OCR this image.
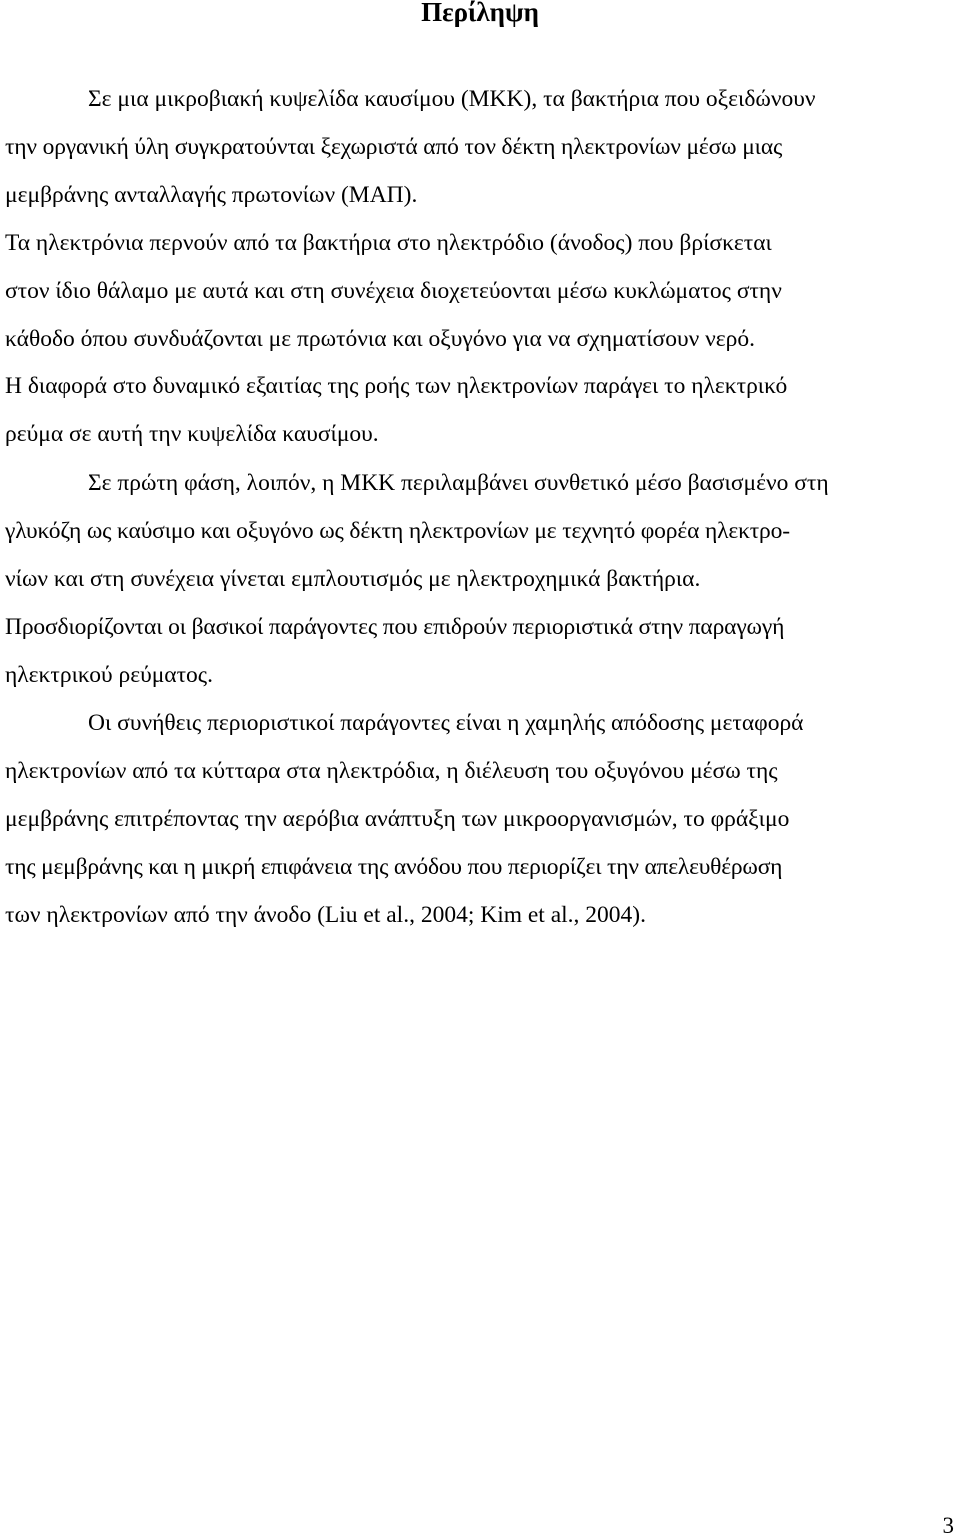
Περίληψη

Σε μια μικροβιακή κυψελίδα καυσίμου (ΜΚΚ), τα βακτήρια που οξειδώνουν
την οργανική ύλη συγκρατούνται ξεχωριστά από τον δέκτη ηλεκτρονίων μέσω μιας
μεμβράνης ανταλλαγής πρωτονίων (ΜΑΠ).
Τα ηλεκτρόνια περνούν από τα βακτήρια στο ηλεκτρόδιο (άνοδος) που βρίσκεται
στον ίδιο θάλαμο με αυτά και στη συνέχεια διοχετεύονται μέσω κυκλώματος στην
κάθοδο όπου συνδυάζονται με πρωτόνια και οξυγόνο για να σχηματίσουν νερό.
Η διαφορά στο δυναμικό εξαιτίας της ροής των ηλεκτρονίων παράγει το ηλεκτρικό
ρεύμα σε αυτή την κυψελίδα καυσίμου.

Σε πρώτη φάση, λοιπόν, η ΜΚΚ περιλαμβάνει συνθετικό μέσο βασισμένο στη
γλυκόζη ως καύσιμο και οξυγόνο ως δέκτη ηλεκτρονίων με τεχνητό φορέα ηλεκτρο-
νίων και στη συνέχεια γίνεται εμπλουτισμός με ηλεκτροχημικά βακτήρια.
Προσδιορίζονται οι βασικοί παράγοντες που επιδρούν περιοριστικά στην παραγωγή
ηλεκτρικού ρεύματος.

Οι συνήθεις περιοριστικοί παράγοντες είναι η χαμηλής απόδοσης μεταφορά
ηλεκτρονίων από τα κύτταρα στα ηλεκτρόδια, η διέλευση του οξυγόνου μέσω της
μεμβράνης επιτρέποντας την αερόβια ανάπτυξη των μικροοργανισμών, το φράξιμο
της μεμβράνης και η μικρή επιφάνεια της ανόδου που περιορίζει την απελευθέρωση
των ηλεκτρονίων από την άνοδο (Liu et al., 2004; Kim et al., 2004).

3
